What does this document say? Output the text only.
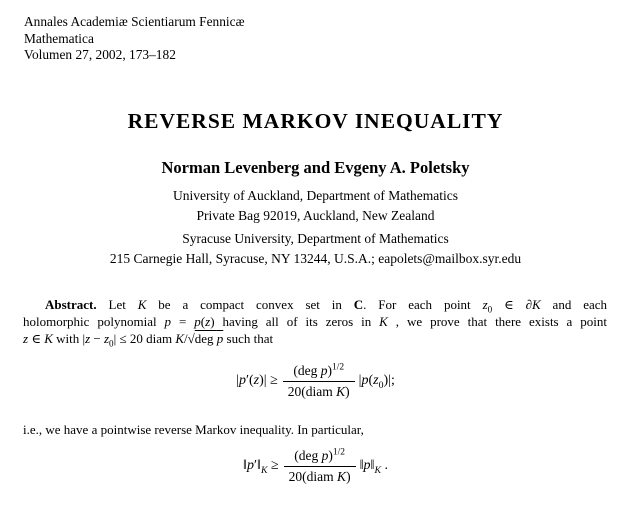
Annales Academiæ Scientiarum Fennicæ
Mathematica
Volumen 27, 2002, 173–182
REVERSE MARKOV INEQUALITY
Norman Levenberg and Evgeny A. Poletsky
University of Auckland, Department of Mathematics
Private Bag 92019, Auckland, New Zealand
Syracuse University, Department of Mathematics
215 Carnegie Hall, Syracuse, NY 13244, U.S.A.; eapolets@mailbox.syr.edu
Abstract. Let K be a compact convex set in C. For each point $z_0$ ∈ ∂K and each
holomorphic polynomial p = p(z) having all of its zeros in K , we prove that there exists a point
z ∈ K with $|z - z_0| \le 20$ diam K/√deg p such that
$|p'(z)| \ge \frac{(deg p)^{1/2}}{\text{20(diam K)}} |p(z_0)|$;
i.e., we have a pointwise reverse Markov inequality. In particular,
$‖p'‖_K \ge \frac{(deg p)^{1/2}}{\text{20(diam K)}}$ $‖p‖_K$ .
